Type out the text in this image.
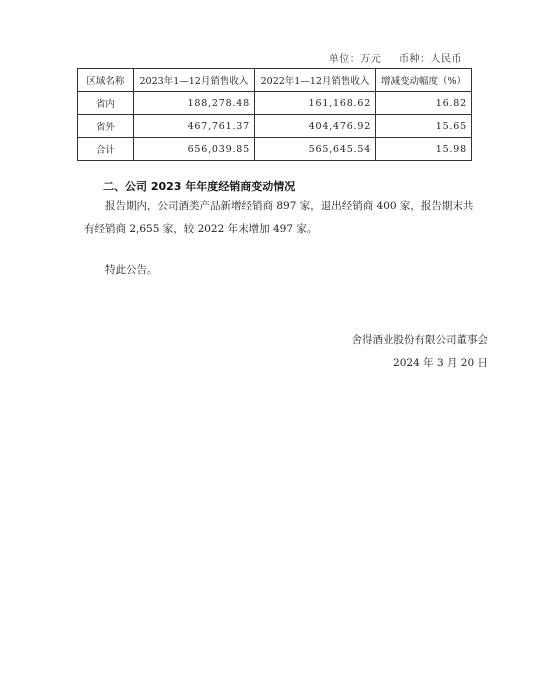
单位：万元 币种：人民币
区域名称	2023年1—12月销售收入	2022年1—12月销售收入	增减变动幅度（%）
省内	188,278.48	161,168.62	16.82
省外	467,761.37	404,476.92	15.65
合计	656,039.85	565,645.54	15.98
二、公司 2023 年年度经销商变动情况
报告期内，公司酒类产品新增经销商 897 家，退出经销商 400 家，报告期末共有经销商 2,655 家，较 2022 年末增加 497 家。
特此公告。
舍得酒业股份有限公司董事会
2024 年 3 月 20 日
